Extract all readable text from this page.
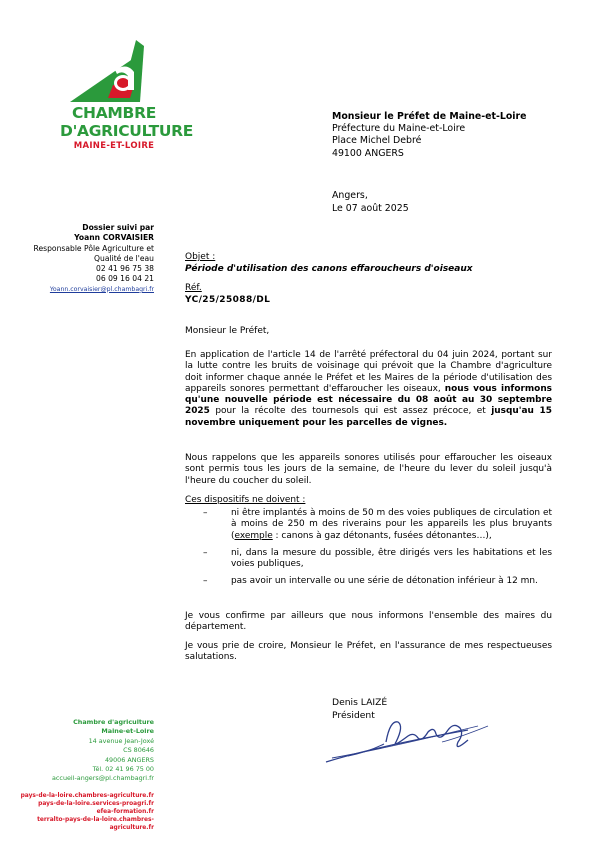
CHAMBRE
D'AGRICULTURE
MAINE-ET-LOIRE
Monsieur le Préfet de Maine-et-Loire
Préfecture du Maine-et-Loire
Place Michel Debré
49100 ANGERS
Angers,
Le 07 août 2025
Dossier suivi par
Yoann CORVAISIER
Responsable Pôle Agriculture et
Qualité de l'eau
02 41 96 75 38
06 09 16 04 21
Yoann.corvaisier@pl.chambagri.fr
Objet :
Période d'utilisation des canons effaroucheurs d'oiseaux
Réf.
YC/25/25088/DL
Monsieur le Préfet,
En application de l'article 14 de l'arrêté préfectoral du 04 juin 2024, portant sur la lutte contre les bruits de voisinage qui prévoit que la Chambre d'agriculture doit informer chaque année le Préfet et les Maires de la période d'utilisation des appareils sonores permettant d'effaroucher les oiseaux, nous vous informons qu'une nouvelle période est nécessaire du 08 août au 30 septembre 2025 pour la récolte des tournesols qui est assez précoce, et jusqu'au 15 novembre uniquement pour les parcelles de vignes.
Nous rappelons que les appareils sonores utilisés pour effaroucher les oiseaux sont permis tous les jours de la semaine, de l'heure du lever du soleil jusqu'à l'heure du coucher du soleil.
Ces dispositifs ne doivent :
–	ni être implantés à moins de 50 m des voies publiques de circulation et à moins de 250 m des riverains pour les appareils les plus bruyants (exemple : canons à gaz détonants, fusées détonantes…),
–	ni, dans la mesure du possible, être dirigés vers les habitations et les voies publiques,
–	pas avoir un intervalle ou une série de détonation inférieur à 12 mn.
Je vous confirme par ailleurs que nous informons l'ensemble des maires du département.
Je vous prie de croire, Monsieur le Préfet, en l'assurance de mes respectueuses salutations.
Denis LAIZÉ
Président
Chambre d'agriculture
Maine-et-Loire
14 avenue Jean-Joxé
CS 80646
49006 ANGERS
Tél. 02 41 96 75 00
accueil-angers@pl.chambagri.fr
pays-de-la-loire.chambres-agriculture.fr
pays-de-la-loire.services-proagri.fr
efea-formation.fr
terralto-pays-de-la-loire.chambres-agriculture.fr
